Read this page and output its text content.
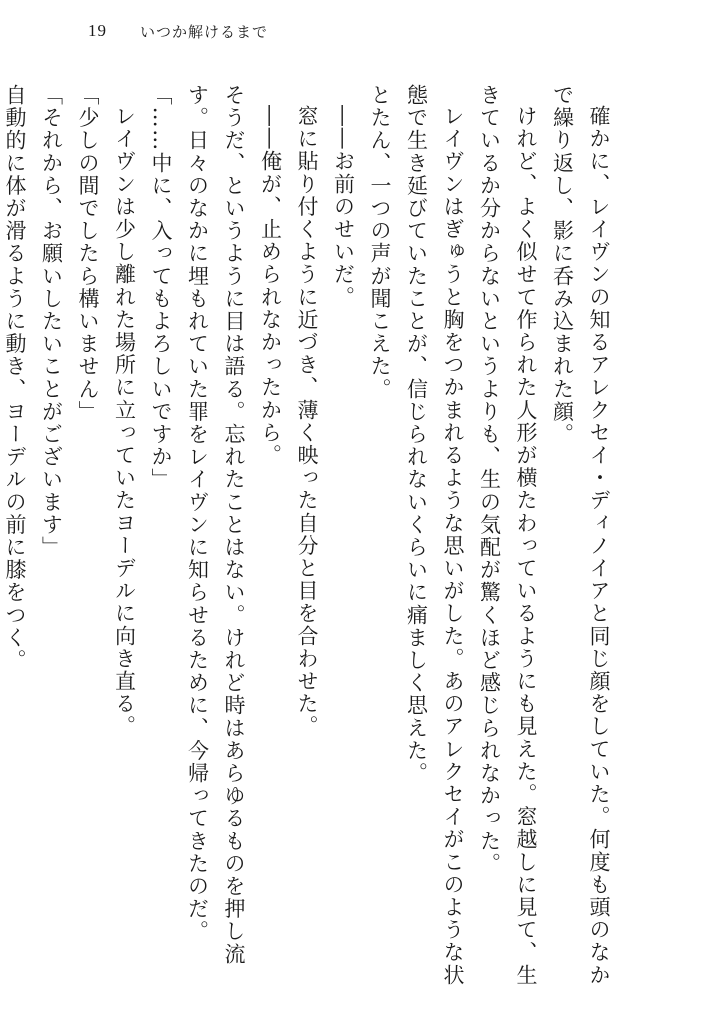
19	いつか解けるまで

確かに、レイヴンの知るアレクセイ・ディノイアと同じ顔をしていた。何度も頭のなかで繰り返し、影に呑み込まれた顔。

けれど、よく似せて作られた人形が横たわっているようにも見えた。窓越しに見て、生きているか分からないというよりも、生の気配が驚くほど感じられなかった。

レイヴンはぎゅうと胸をつかまれるような思いがした。あのアレクセイがこのような状態で生き延びていたことが、信じられないくらいに痛ましく思えた。

とたん、一つの声が聞こえた。

――お前のせいだ。

窓に貼り付くように近づき、薄く映った自分と目を合わせた。

――俺が、止められなかったから。

そうだ、というように目は語る。忘れたことはない。けれど時はあらゆるものを押し流す。日々のなかに埋もれていた罪をレイヴンに知らせるために、今帰ってきたのだ。

「……中に、入ってもよろしいですか」

レイヴンは少し離れた場所に立っていたヨーデルに向き直る。

「少しの間でしたら構いません」

「それから、お願いしたいことがございます」

自動的に体が滑るように動き、ヨーデルの前に膝をつく。
